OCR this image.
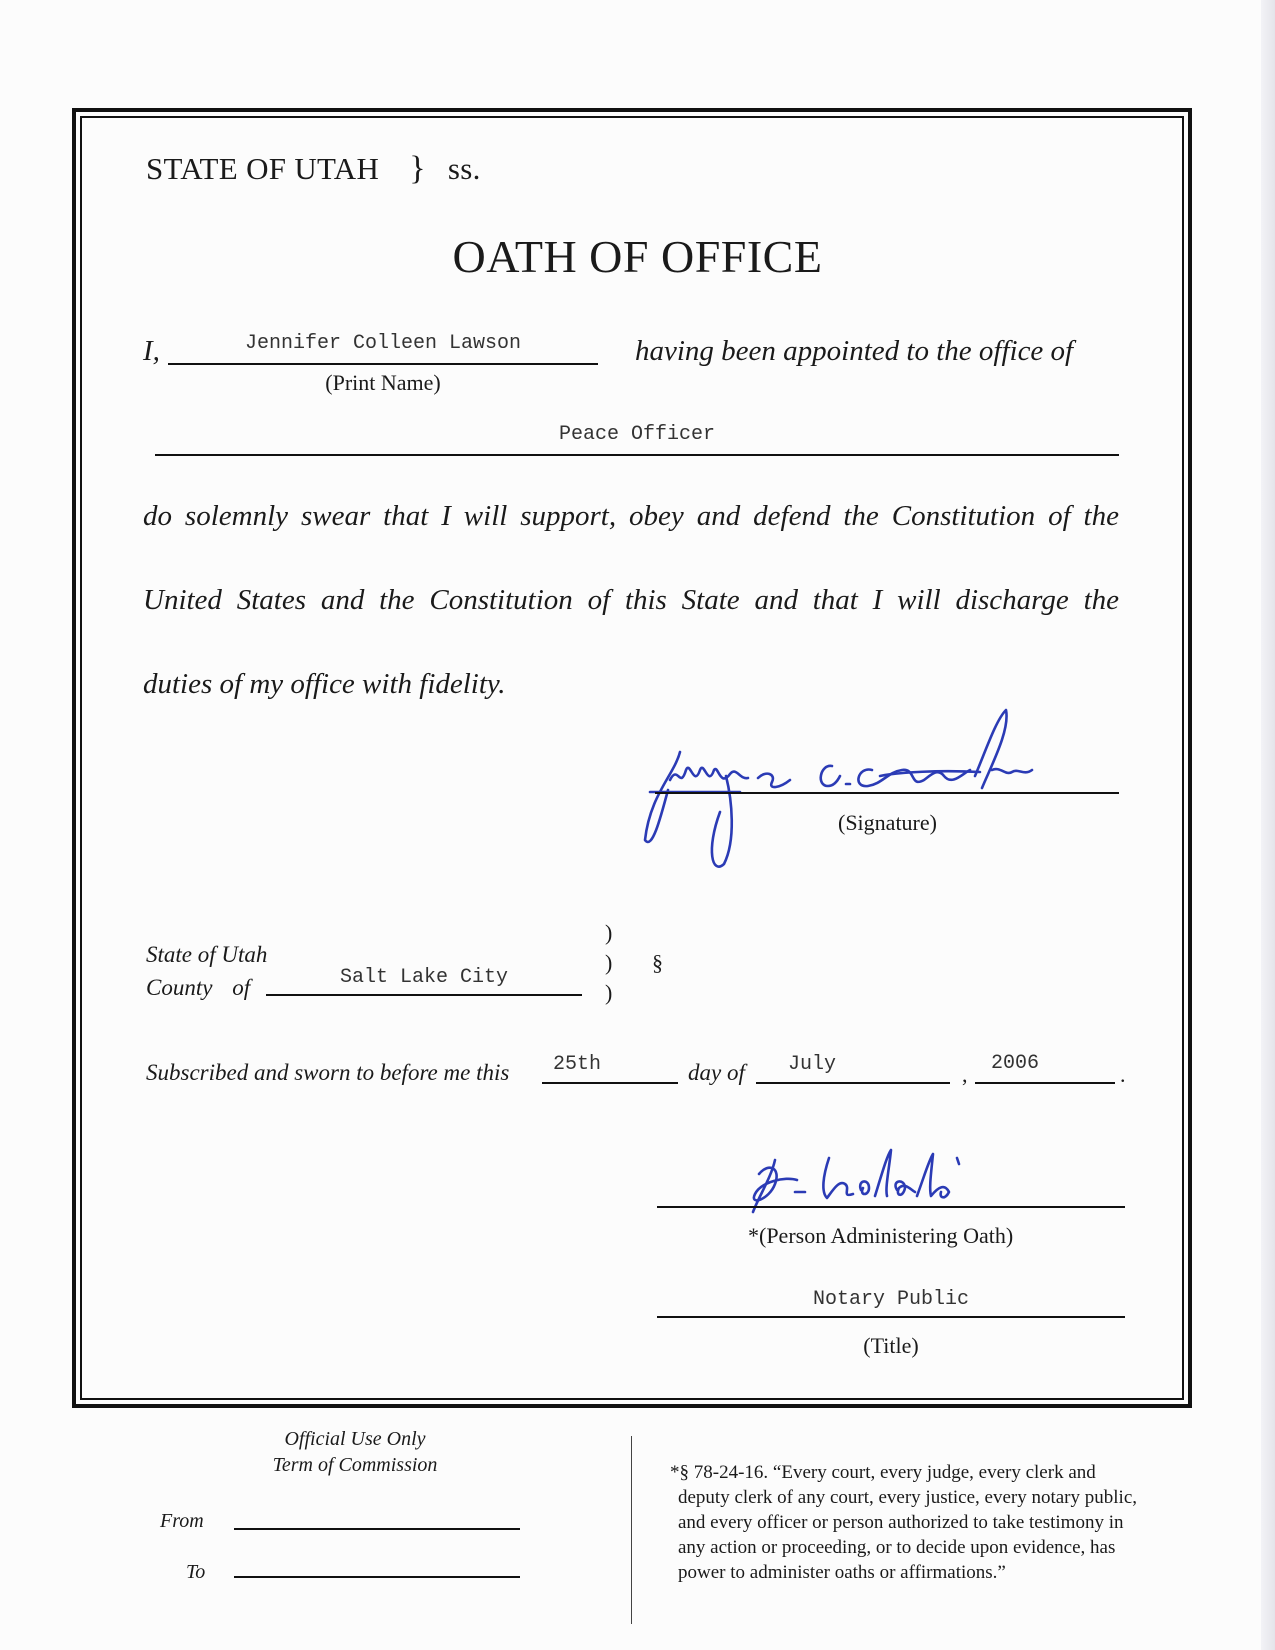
STATE OF UTAH } ss.
OATH OF OFFICE
I,	Jennifer Colleen Lawson
(Print Name)
having been appointed to the office of
Peace Officer
do solemnly swear that I will support, obey and defend the Constitution of the
United States and the Constitution of this State and that I will discharge the
duties of my office with fidelity.
(Signature)
State of Utah
County of	Salt Lake City
)
)
)
§
Subscribed and sworn to before me this	25th	day of	July	,	2006	.
*(Person Administering Oath)
Notary Public
(Title)
Official Use Only
Term of Commission
From
To
*§ 78-24-16. “Every court, every judge, every clerk and
deputy clerk of any court, every justice, every notary public,
and every officer or person authorized to take testimony in
any action or proceeding, or to decide upon evidence, has
power to administer oaths or affirmations.”
